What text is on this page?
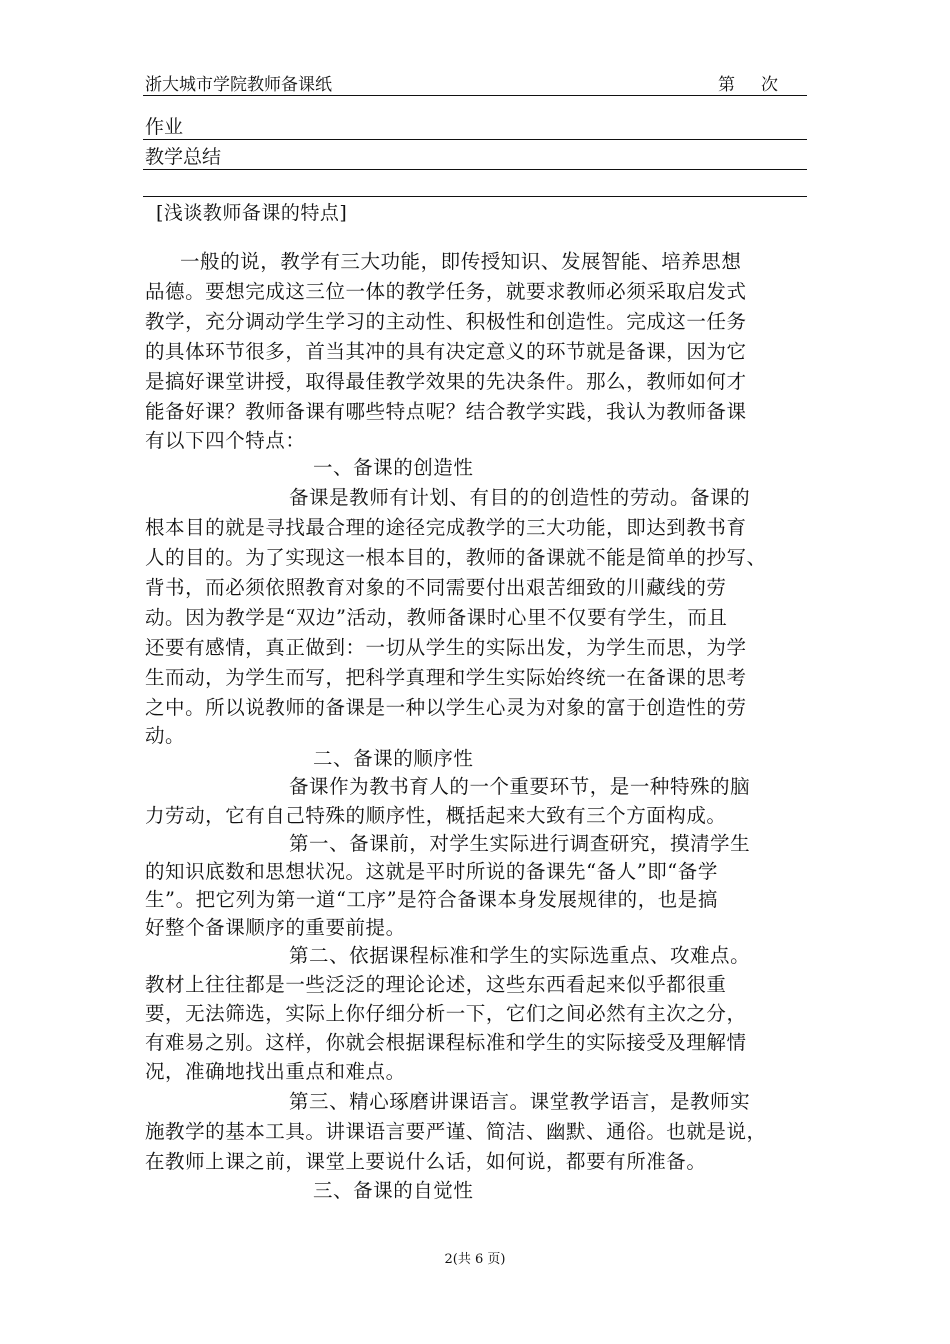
浙大城市学院教师备课纸	第 次
作业
教学总结
[浅谈教师备课的特点]
一般的说，教学有三大功能，即传授知识、发展智能、培养思想
品德。要想完成这三位一体的教学任务，就要求教师必须采取启发式
教学，充分调动学生学习的主动性、积极性和创造性。完成这一任务
的具体环节很多，首当其冲的具有决定意义的环节就是备课，因为它
是搞好课堂讲授，取得最佳教学效果的先决条件。那么，教师如何才
能备好课？教师备课有哪些特点呢？结合教学实践，我认为教师备课
有以下四个特点：
一、备课的创造性
备课是教师有计划、有目的的创造性的劳动。备课的
根本目的就是寻找最合理的途径完成教学的三大功能，即达到教书育
人的目的。为了实现这一根本目的，教师的备课就不能是简单的抄写、
背书，而必须依照教育对象的不同需要付出艰苦细致的川藏线的劳
动。因为教学是“双边”活动，教师备课时心里不仅要有学生，而且
还要有感情，真正做到：一切从学生的实际出发，为学生而思，为学
生而动，为学生而写，把科学真理和学生实际始终统一在备课的思考
之中。所以说教师的备课是一种以学生心灵为对象的富于创造性的劳
动。
二、备课的顺序性
备课作为教书育人的一个重要环节，是一种特殊的脑
力劳动，它有自己特殊的顺序性，概括起来大致有三个方面构成。
第一、备课前，对学生实际进行调查研究，摸清学生
的知识底数和思想状况。这就是平时所说的备课先“备人”即“备学
生”。把它列为第一道“工序”是符合备课本身发展规律的，也是搞
好整个备课顺序的重要前提。
第二、依据课程标准和学生的实际选重点、攻难点。
教材上往往都是一些泛泛的理论论述，这些东西看起来似乎都很重
要，无法筛选，实际上你仔细分析一下，它们之间必然有主次之分，
有难易之别。这样，你就会根据课程标准和学生的实际接受及理解情
况，准确地找出重点和难点。
第三、精心琢磨讲课语言。课堂教学语言，是教师实
施教学的基本工具。讲课语言要严谨、简洁、幽默、通俗。也就是说，
在教师上课之前，课堂上要说什么话，如何说，都要有所准备。
三、备课的自觉性
2(共 6 页)
